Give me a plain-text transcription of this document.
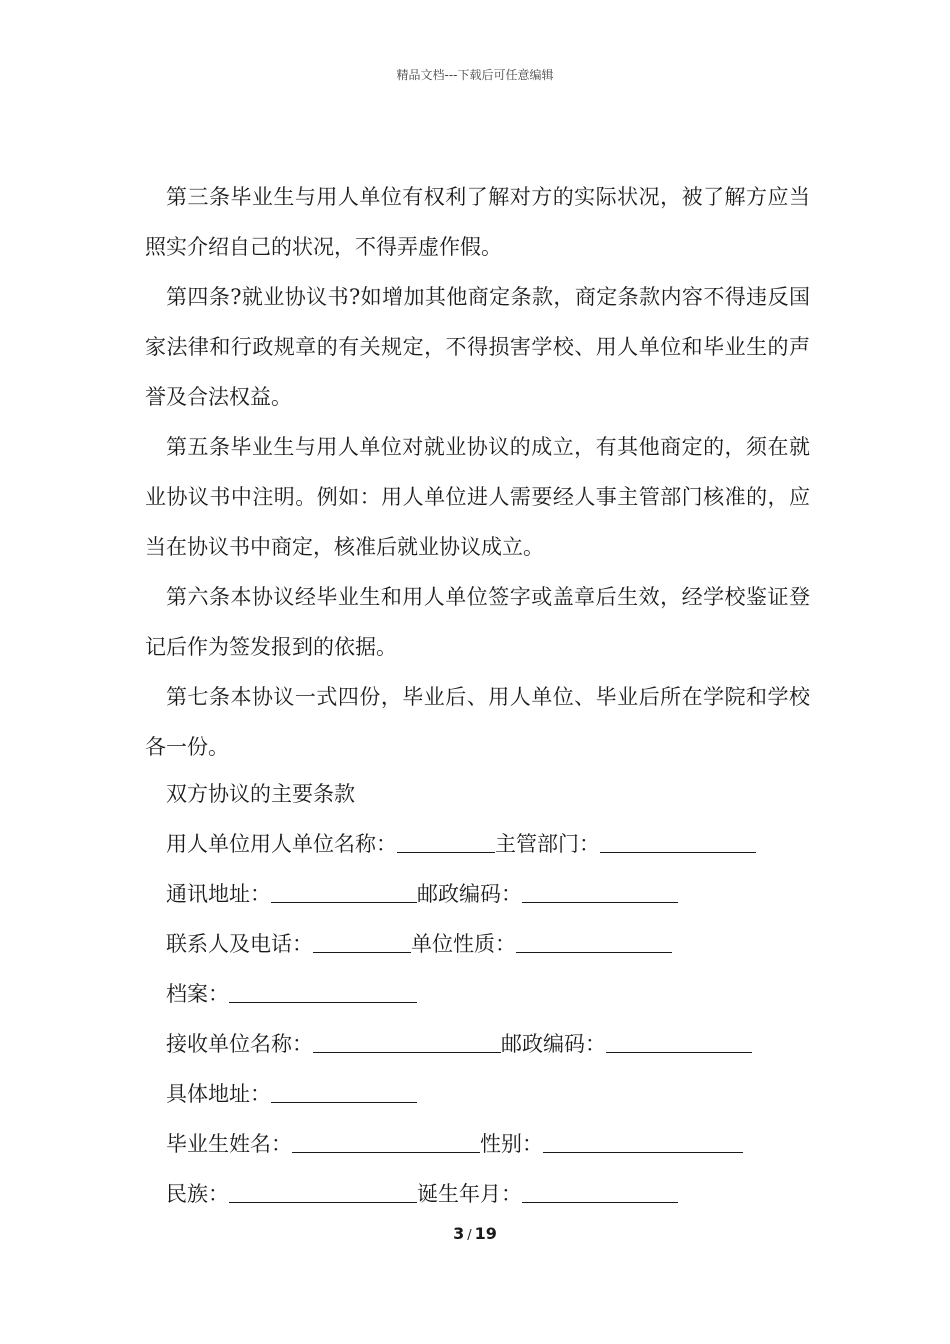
精品文档---下载后可任意编辑

第三条毕业生与用人单位有权利了解对方的实际状况，被了解方应当照实介绍自己的状况，不得弄虚作假。

第四条?就业协议书?如增加其他商定条款，商定条款内容不得违反国家法律和行政规章的有关规定，不得损害学校、用人单位和毕业生的声誉及合法权益。

第五条毕业生与用人单位对就业协议的成立，有其他商定的，须在就业协议书中注明。例如：用人单位进人需要经人事主管部门核准的，应当在协议书中商定，核准后就业协议成立。

第六条本协议经毕业生和用人单位签字或盖章后生效，经学校鉴证登记后作为签发报到的依据。

第七条本协议一式四份，毕业后、用人单位、毕业后所在学院和学校各一份。

双方协议的主要条款
用人单位用人单位名称：	主管部门：
通讯地址：	邮政编码：
联系人及电话：	单位性质：
档案：
接收单位名称：	邮政编码：
具体地址：
毕业生姓名：	性别：
民族：	诞生年月：
3 / 19
